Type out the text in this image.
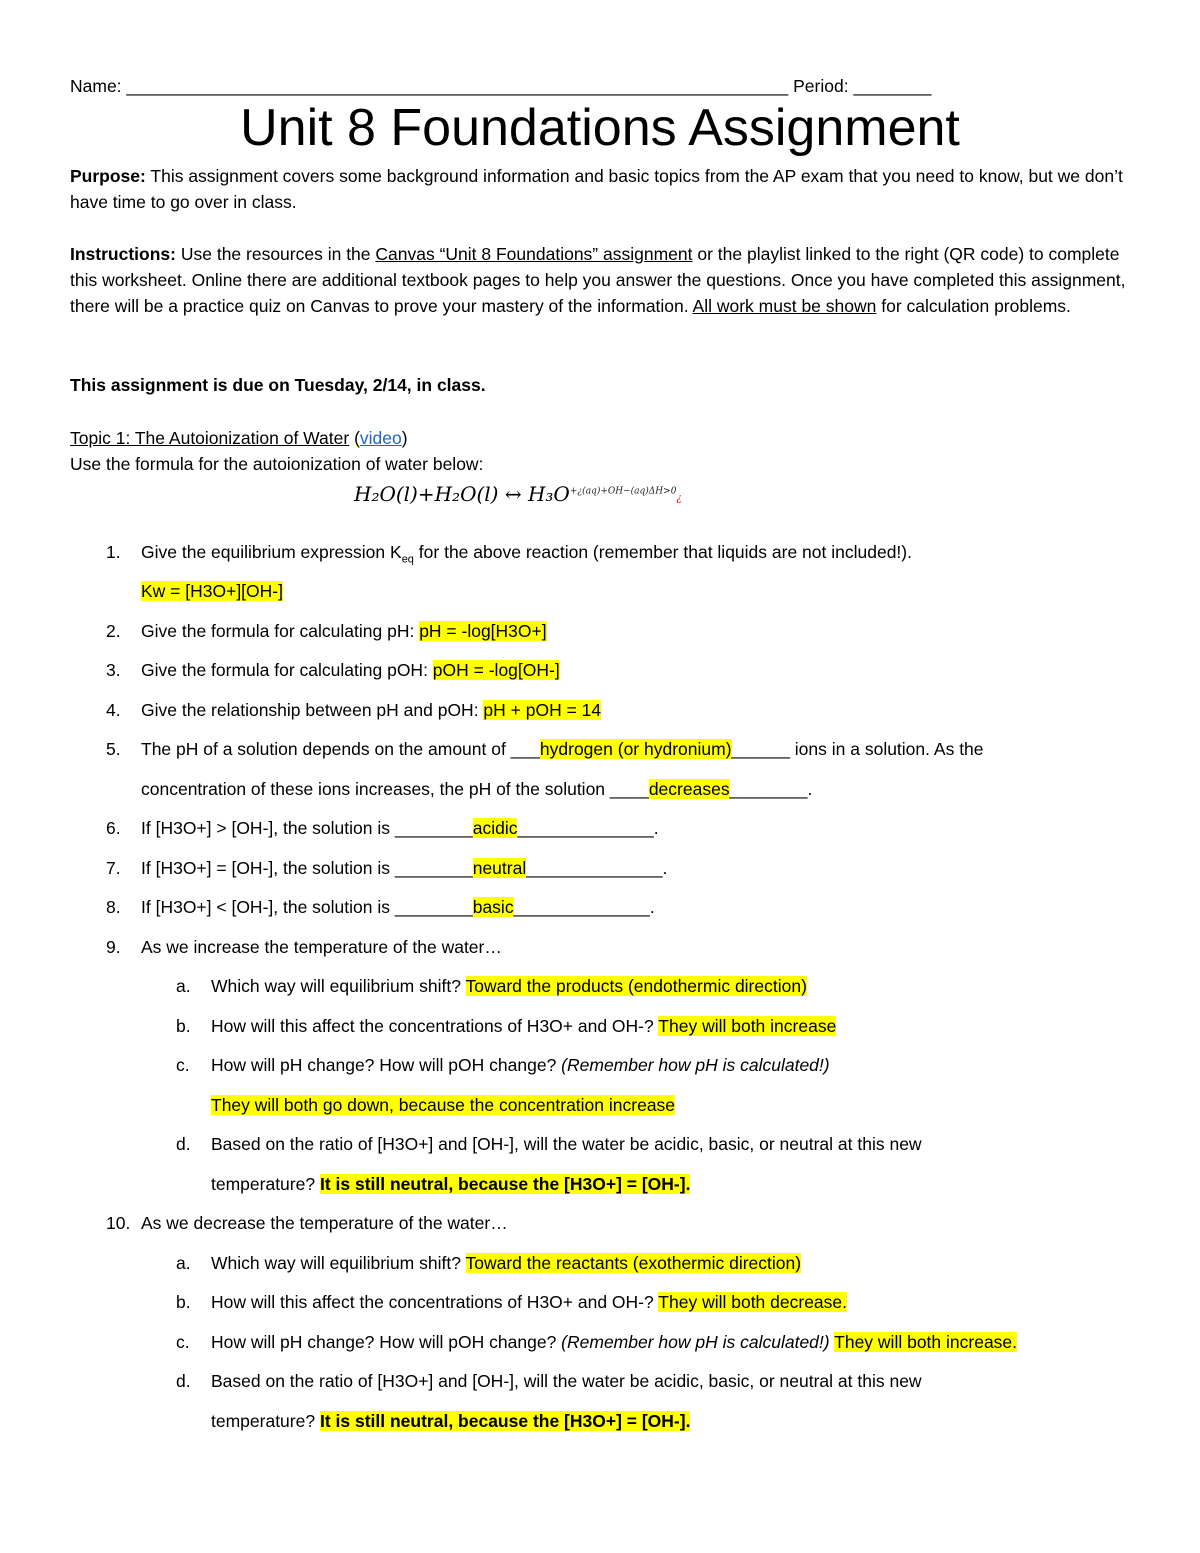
Name: ____________________________________________________________________ Period: ________
Unit 8 Foundations Assignment
Purpose: This assignment covers some background information and basic topics from the AP exam that you need to know, but we don’t have time to go over in class.
Instructions: Use the resources in the Canvas “Unit 8 Foundations” assignment or the playlist linked to the right (QR code) to complete this worksheet. Online there are additional textbook pages to help you answer the questions. Once you have completed this assignment, there will be a practice quiz on Canvas to prove your mastery of the information. All work must be shown for calculation problems.
This assignment is due on Tuesday, 2/14, in class.
Topic 1: The Autoionization of Water (video)
Use the formula for the autoionization of water below:
H₂O(l)+H₂O(l) ↔ $H_3O^{+¿(aq)+OH-(aq)\Delta H>0}¿$
1.	Give the equilibrium expression $K_{eq}$ for the above reaction (remember that liquids are not included!).
Kw = [H3O+][OH-]
2.	Give the formula for calculating pH: pH = -log[H3O+]
3.	Give the formula for calculating pOH: pOH = -log[OH-]
4.	Give the relationship between pH and pOH: pH + pOH = 14
5.	The pH of a solution depends on the amount of ___hydrogen (or hydronium)______ ions in a solution. As the
concentration of these ions increases, the pH of the solution ____decreases________.
6.	If [H3O+] > [OH-], the solution is ________acidic______________.
7.	If [H3O+] = [OH-], the solution is ________neutral______________.
8.	If [H3O+] < [OH-], the solution is ________basic______________.
9.	As we increase the temperature of the water…
a. Which way will equilibrium shift? Toward the products (endothermic direction)
b. How will this affect the concentrations of H3O+ and OH-? They will both increase
c. How will pH change? How will pOH change? (Remember how pH is calculated!)
They will both go down, because the concentration increase
d. Based on the ratio of [H3O+] and [OH-], will the water be acidic, basic, or neutral at this new
temperature? It is still neutral, because the [H3O+] = [OH-].
10. As we decrease the temperature of the water…
a. Which way will equilibrium shift? Toward the reactants (exothermic direction)
b. How will this affect the concentrations of H3O+ and OH-? They will both decrease.
c. How will pH change? How will pOH change? (Remember how pH is calculated!) They will both increase.
d. Based on the ratio of [H3O+] and [OH-], will the water be acidic, basic, or neutral at this new
temperature? It is still neutral, because the [H3O+] = [OH-].
